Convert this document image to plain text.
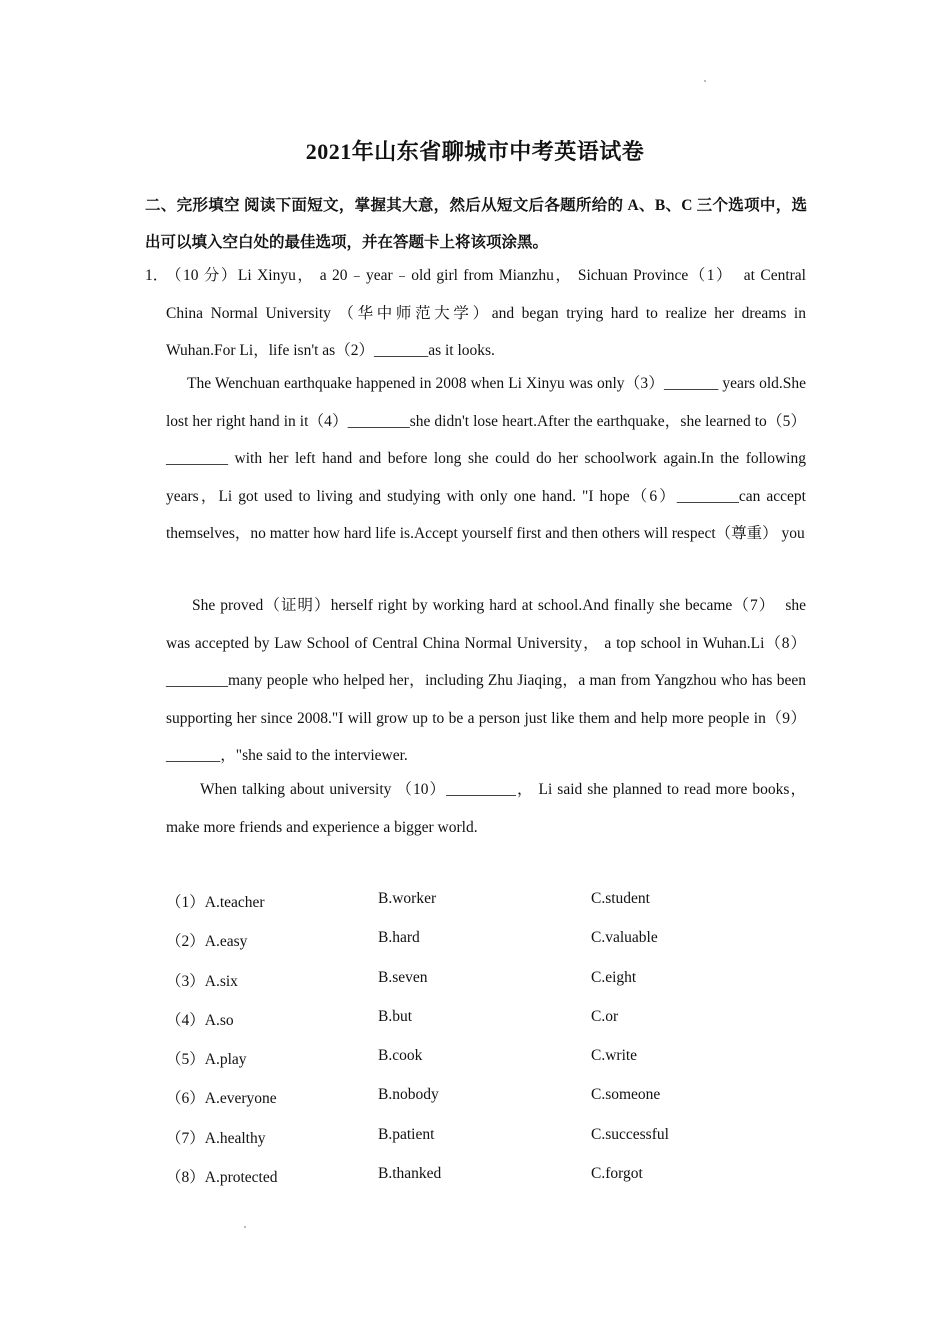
2021年山东省聊城市中考英语试卷
二、完形填空 阅读下面短文，掌握其大意，然后从短文后各题所给的 A、B、C 三个选项中，选出可以填入空白处的最佳选项，并在答题卡上将该项涂黑。
1．
（10 分）Li Xinyu， a 20﹣year﹣old girl from Mianzhu， Sichuan Province（1）  at Central China Normal University （华中师范大学）and began trying hard to realize her dreams in Wuhan.For Li，life isn't as（2）_______as it looks.
The Wenchuan earthquake happened in 2008 when Li Xinyu was only（3）_______ years old.She lost her right hand in it（4）________she didn't lose heart.After the earthquake，she learned to（5）________ with her left hand and before long she could do her schoolwork again.In the following years，Li got used to living and studying with only one hand. "I hope（6）________can accept themselves，no matter how hard life is.Accept yourself first and then others will respect（尊重） you
She proved（证明）herself right by working hard at school.And finally she became（7）  she was accepted by Law School of Central China Normal University， a top school in Wuhan.Li（8）________many people who helped her，including Zhu Jiaqing，a man from Yangzhou who has been supporting her since 2008."I will grow up to be a person just like them and help more people in（9）_______，"she said to the interviewer.
When talking about university （10）_________， Li said she planned to read more books，make more friends and experience a bigger world.
（1）A.teacher	B.worker	C.student
（2）A.easy	B.hard	C.valuable
（3）A.six	B.seven	C.eight
（4）A.so	B.but	C.or
（5）A.play	B.cook	C.write
（6）A.everyone	B.nobody	C.someone
（7）A.healthy	B.patient	C.successful
（8）A.protected	B.thanked	C.forgot
